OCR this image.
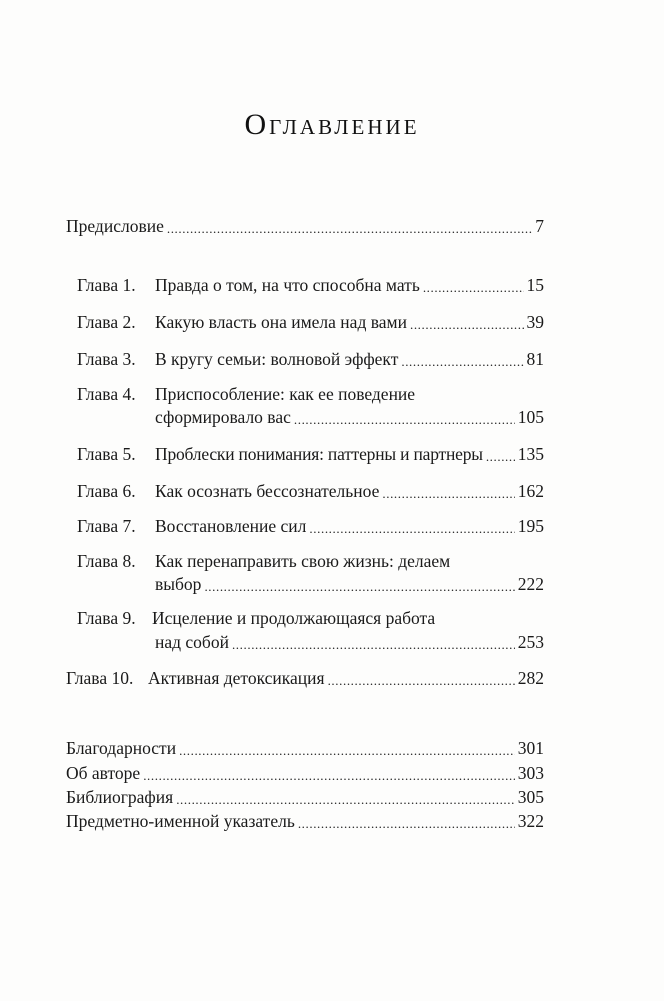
Оглавление
Предисловие .....	7
Глава 1.	Правда о том, на что способна мать .....	15
Глава 2.	Какую власть она имела над вами .....	39
Глава 3.	В кругу семьи: волновой эффект .....	81
Глава 4. Приспособление: как ее поведение
сформировало вас .....	105
Глава 5.	Проблески понимания: паттерны и партнеры ..... 135
Глава 6.	Как осознать бессознательное .....	162
Глава 7.	Восстановление сил .....	195
Глава 8. Как перенаправить свою жизнь: делаем
выбор .....	222
Глава 9. Исцеление и продолжающаяся работа
над собой .....	253
Глава 10. Активная детоксикация .....	282
Благодарности .....	301
Об авторе .....	303
Библиография .....	305
Предметно-именной указатель .....	322
